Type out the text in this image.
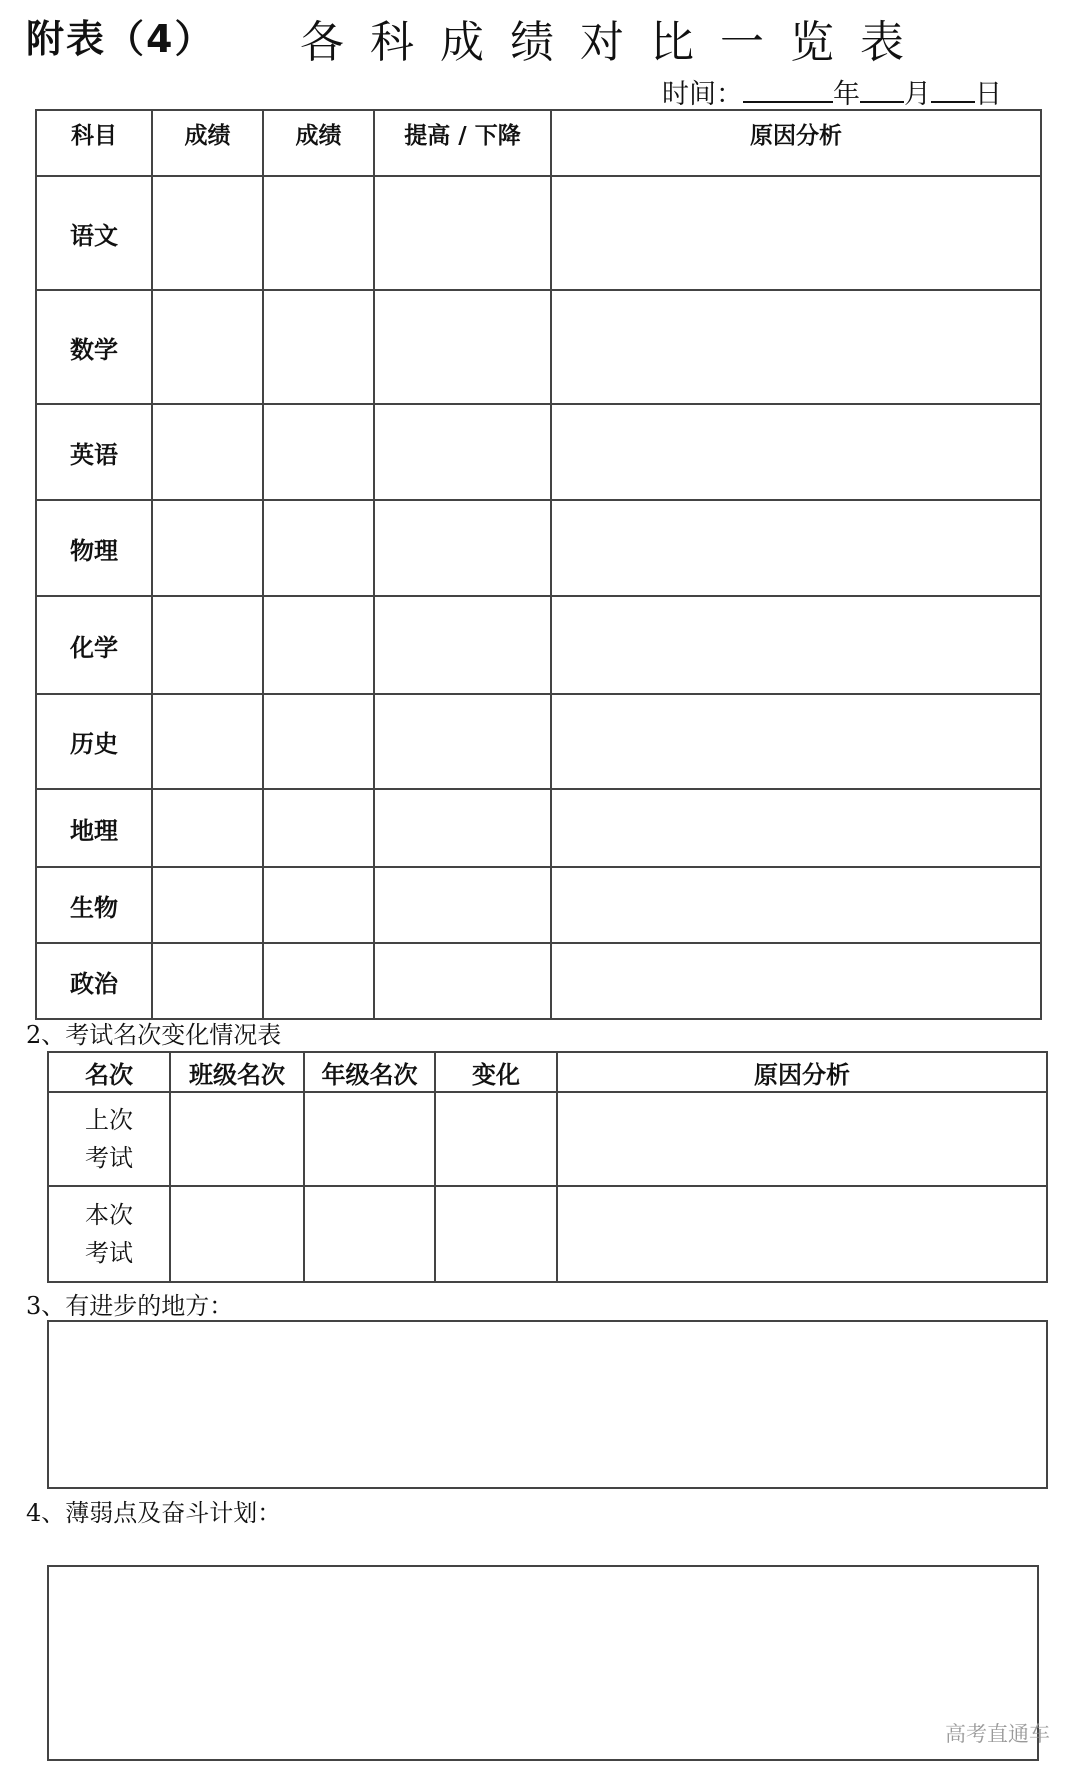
附表（4） 各科成绩对比一览表
时间：	年 月 日
科目	成绩	成绩	提高 / 下降	原因分析
语文				
数学				
英语				
物理				
化学				
历史				
地理				
生物				
政治				
2、考试名次变化情况表
名次	班级名次	年级名次	变化	原因分析

上次
考试				

本次
考试				

3、有进步的地方：
4、薄弱点及奋斗计划：
高考直通车
